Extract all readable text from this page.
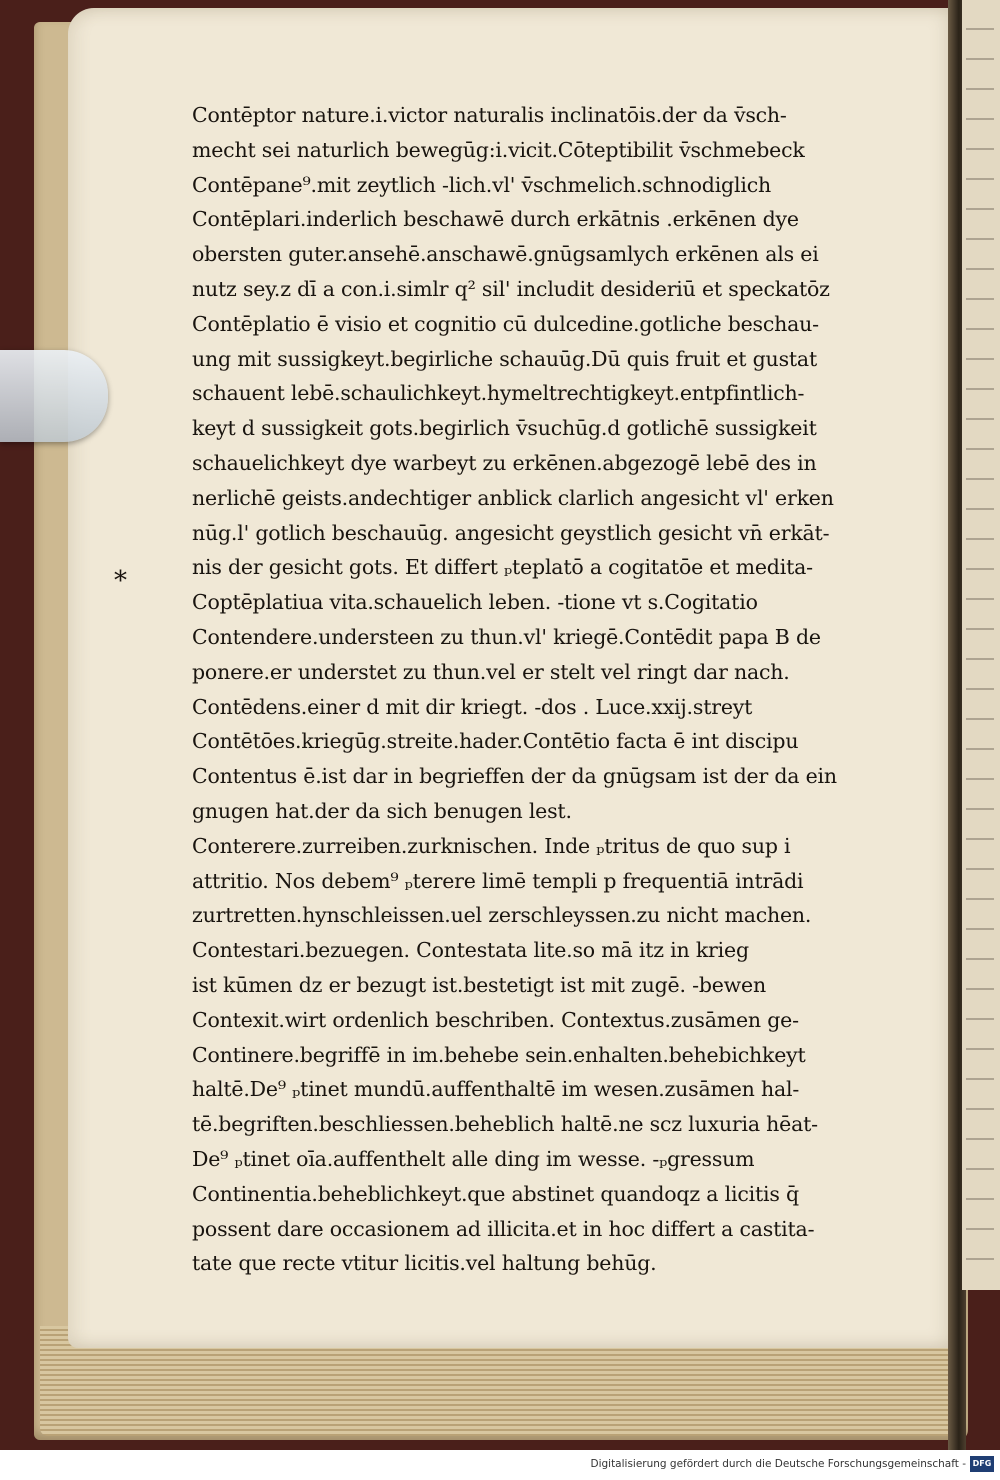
⁎
Contēptor nature.i.victor naturalis inclinatōis.der da v̄sch-
mecht sei naturlich bewegūg:i.vicit.Cōteptibilit v̄schmebeck
Contēpane⁹.mit zeytlich -lich.vl' v̄schmelich.schnodiglich
Contēplari.inderlich beschawē durch erkātnis .erkēnen dye
obersten guter.ansehē.anschawē.gnūgsamlych erkēnen als ei
nutz sey.z dī a con.i.simlr q² sil' includit desideriū et speckatōz
Contēplatio ē visio et cognitio cū dulcedine.gotliche beschau-
ung mit sussigkeyt.begirliche schauūg.Dū quis fruit et gustat
schauent lebē.schaulichkeyt.hymeltrechtigkeyt.entpfintlich-
keyt d sussigkeit gots.begirlich v̄suchūg.d gotlichē sussigkeit
schauelichkeyt dye warbeyt zu erkēnen.abgezogē lebē des in
nerlichē geists.andechtiger anblick clarlich angesicht vl' erken
nūg.l' gotlich beschauūg. angesicht geystlich gesicht vn̄ erkāt-
nis der gesicht gots. Et differt ₚteplatō a cogitatōe et medita-
Coptēplatiua vita.schauelich leben. -tione vt s.Cogitatio
Contendere.understeen zu thun.vl' kriegē.Contēdit papa B de
ponere.er understet zu thun.vel er stelt vel ringt dar nach.
Contēdens.einer d mit dir kriegt. -dos . Luce.xxij.streyt
Contētōes.kriegūg.streite.hader.Contētio facta ē int discipu
Contentus ē.ist dar in begrieffen der da gnūgsam ist der da ein
gnugen hat.der da sich benugen lest.
Conterere.zurreiben.zurknischen. Inde ₚtritus de quo sup i
attritio. Nos debem⁹ ₚterere limē templi p frequentiā intrādi
zurtretten.hynschleissen.uel zerschleyssen.zu nicht machen.
Contestari.bezuegen. Contestata lite.so mā itz in krieg
ist kūmen dz er bezugt ist.bestetigt ist mit zugē. -bewen
Contexit.wirt ordenlich beschriben. Contextus.zusāmen ge-
Continere.begriffē in im.behebe sein.enhalten.behebichkeyt
haltē.De⁹ ₚtinet mundū.auffenthaltē im wesen.zusāmen hal-
tē.begriften.beschliessen.beheblich haltē.ne scz luxuria hēat-
De⁹ ₚtinet oīa.auffenthelt alle ding im wesse. -ₚgressum
Continentia.beheblichkeyt.que abstinet quandoqz a licitis q̄
possent dare occasionem ad illicita.et in hoc differt a castita-
tate que recte vtitur licitis.vel haltung behūg.
Digitalisierung gefördert durch die Deutsche Forschungsgemeinschaft - DFG
